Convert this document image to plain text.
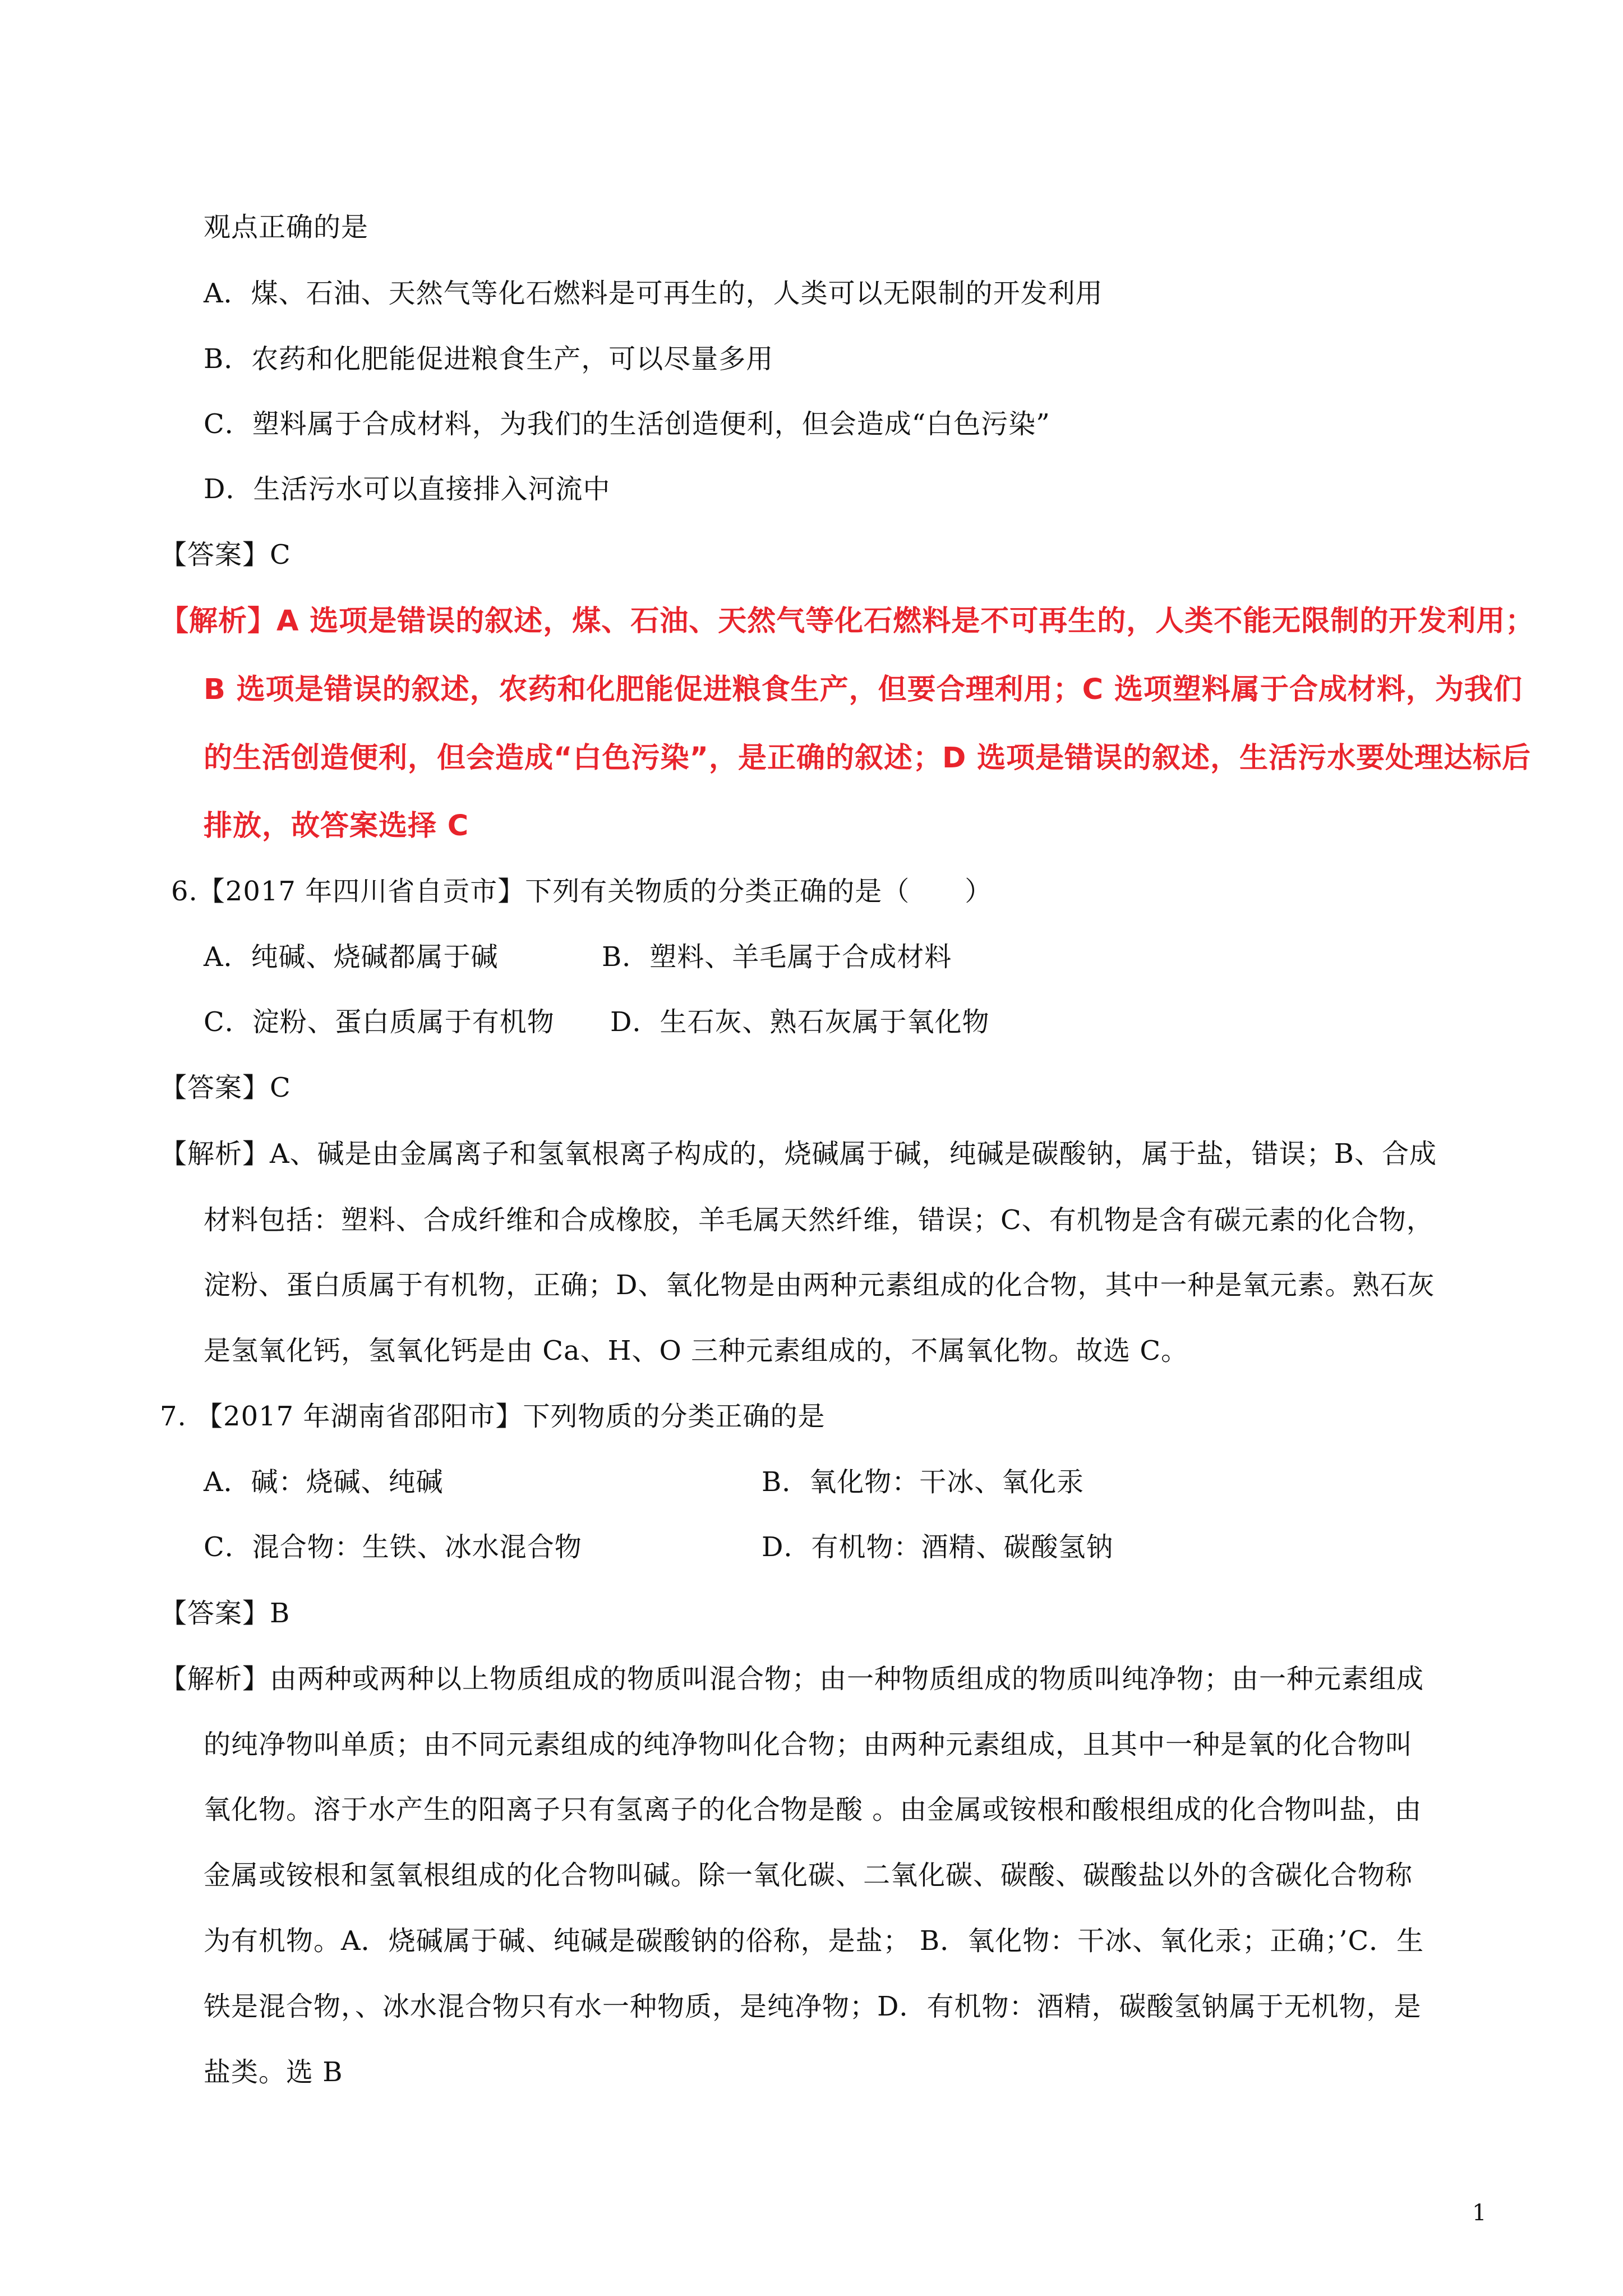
观点正确的是
A．煤、石油、天然气等化石燃料是可再生的，人类可以无限制的开发利用
B．农药和化肥能促进粮食生产，可以尽量多用
C．塑料属于合成材料，为我们的生活创造便利，但会造成“白色污染”
D．生活污水可以直接排入河流中
【答案】C
【解析】A 选项是错误的叙述，煤、石油、天然气等化石燃料是不可再生的，人类不能无限制的开发利用；
B 选项是错误的叙述，农药和化肥能促进粮食生产，但要合理利用；C 选项塑料属于合成材料，为我们
的生活创造便利，但会造成“白色污染”，是正确的叙述；D 选项是错误的叙述，生活污水要处理达标后
排放，故答案选择 C
6.【2017 年四川省自贡市】下列有关物质的分类正确的是（　　）
A．纯碱、烧碱都属于碱	B．塑料、羊毛属于合成材料
C．淀粉、蛋白质属于有机物 D．生石灰、熟石灰属于氧化物
【答案】C
【解析】A、碱是由金属离子和氢氧根离子构成的，烧碱属于碱，纯碱是碳酸钠，属于盐，错误；B、合成
材料包括：塑料、合成纤维和合成橡胶，羊毛属天然纤维，错误；C、有机物是含有碳元素的化合物，
淀粉、蛋白质属于有机物，正确；D、氧化物是由两种元素组成的化合物，其中一种是氧元素。熟石灰
是氢氧化钙，氢氧化钙是由 Ca、H、O 三种元素组成的，不属氧化物。故选 C。
7. 【2017 年湖南省邵阳市】下列物质的分类正确的是
A．碱：烧碱、纯碱	B．氧化物：干冰、氧化汞
C．混合物：生铁、冰水混合物	D．有机物：酒精、碳酸氢钠
【答案】B
【解析】由两种或两种以上物质组成的物质叫混合物；由一种物质组成的物质叫纯净物；由一种元素组成
的纯净物叫单质；由不同元素组成的纯净物叫化合物；由两种元素组成，且其中一种是氧的化合物叫
氧化物。溶于水产生的阳离子只有氢离子的化合物是酸 。由金属或铵根和酸根组成的化合物叫盐，由
金属或铵根和氢氧根组成的化合物叫碱。除一氧化碳、二氧化碳、碳酸、碳酸盐以外的含碳化合物称
为有机物。A．烧碱属于碱、纯碱是碳酸钠的俗称，是盐； B．氧化物：干冰、氧化汞；正确；’C．生
铁是混合物，、冰水混合物只有水一种物质，是纯净物；D．有机物：酒精，碳酸氢钠属于无机物，是
盐类。选 B
1
